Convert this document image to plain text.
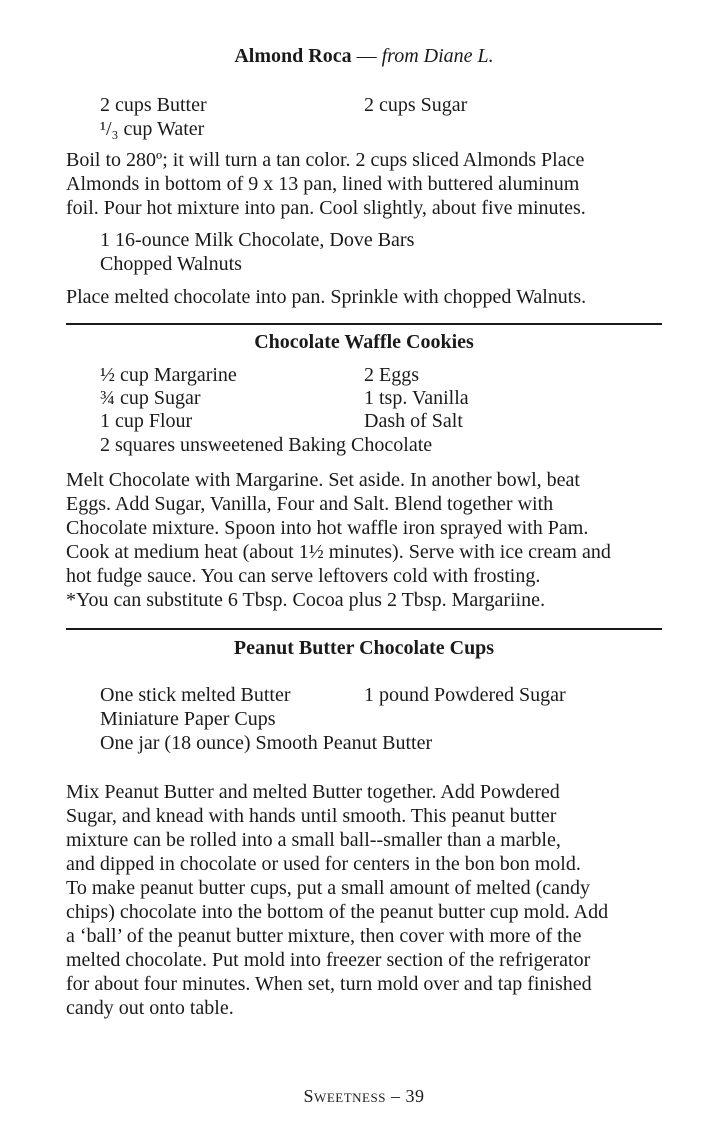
Almond Roca — from Diane L.
2 cups Butter	2 cups Sugar
¹/₃ cup Water
Boil to 280º; it will turn a tan color. 2 cups sliced Almonds Place
Almonds in bottom of 9 x 13 pan, lined with buttered aluminum
foil. Pour hot mixture into pan. Cool slightly, about five minutes.
1 16-ounce Milk Chocolate, Dove Bars
Chopped Walnuts
Place melted chocolate into pan. Sprinkle with chopped Walnuts.
Chocolate Waffle Cookies
½ cup Margarine	2 Eggs
¾ cup Sugar	1 tsp. Vanilla
1 cup Flour	Dash of Salt
2 squares unsweetened Baking Chocolate
Melt Chocolate with Margarine. Set aside. In another bowl, beat
Eggs. Add Sugar, Vanilla, Four and Salt. Blend together with
Chocolate mixture. Spoon into hot waffle iron sprayed with Pam.
Cook at medium heat (about 1½ minutes). Serve with ice cream and
hot fudge sauce. You can serve leftovers cold with frosting.
*You can substitute 6 Tbsp. Cocoa plus 2 Tbsp. Margariine.
Peanut Butter Chocolate Cups
One stick melted Butter	1 pound Powdered Sugar
Miniature Paper Cups
One jar (18 ounce) Smooth Peanut Butter
Mix Peanut Butter and melted Butter together. Add Powdered
Sugar, and knead with hands until smooth. This peanut butter
mixture can be rolled into a small ball--smaller than a marble,
and dipped in chocolate or used for centers in the bon bon mold.
To make peanut butter cups, put a small amount of melted (candy
chips) chocolate into the bottom of the peanut butter cup mold. Add
a ‘ball’ of the peanut butter mixture, then cover with more of the
melted chocolate. Put mold into freezer section of the refrigerator
for about four minutes. When set, turn mold over and tap finished
candy out onto table.
Sweetness – 39
